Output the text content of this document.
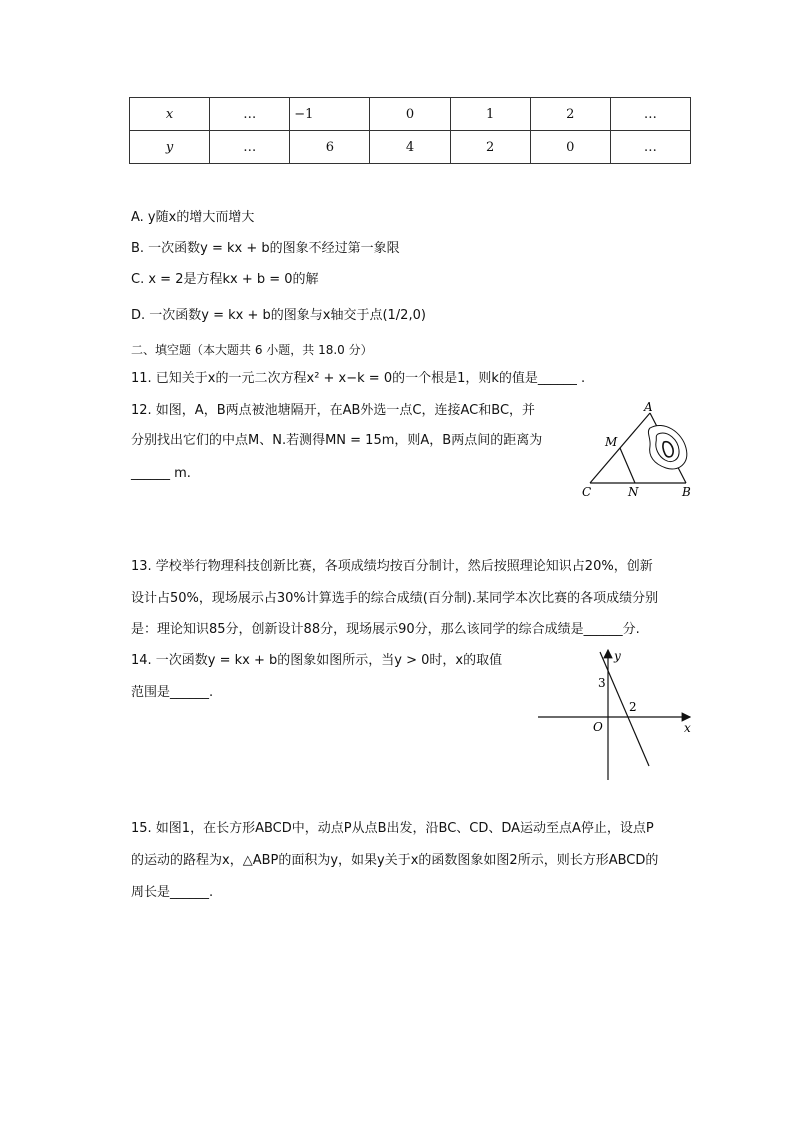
x	…	−1	0	1	2	…
y	…	6	4	2	0	…
A. y随x的增大而增大
B. 一次函数y = kx + b的图象不经过第一象限
C. x = 2是方程kx + b = 0的解
D. 一次函数y = kx + b的图象与x轴交于点(1/2,0)
二、填空题（本大题共 6 小题，共 18.0 分）
11. 已知关于x的一元二次方程x² + x−k = 0的一个根是1，则k的值是______ .
12. 如图，A，B两点被池塘隔开，在AB外选一点C，连接AC和BC，并
分别找出它们的中点M、N.若测得MN = 15m，则A，B两点间的距离为
______ m.
A
M
C	N	B
13. 学校举行物理科技创新比赛，各项成绩均按百分制计，然后按照理论知识占20%，创新
设计占50%，现场展示占30%计算选手的综合成绩(百分制).某同学本次比赛的各项成绩分别
是：理论知识85分，创新设计88分，现场展示90分，那么该同学的综合成绩是______分.
14. 一次函数y = kx + b的图象如图所示，当y > 0时，x的取值
范围是______.
y
x
O
3
2
15. 如图1，在长方形ABCD中，动点P从点B出发，沿BC、CD、DA运动至点A停止，设点P
的运动的路程为x，△ABP的面积为y，如果y关于x的函数图象如图2所示，则长方形ABCD的
周长是______.
